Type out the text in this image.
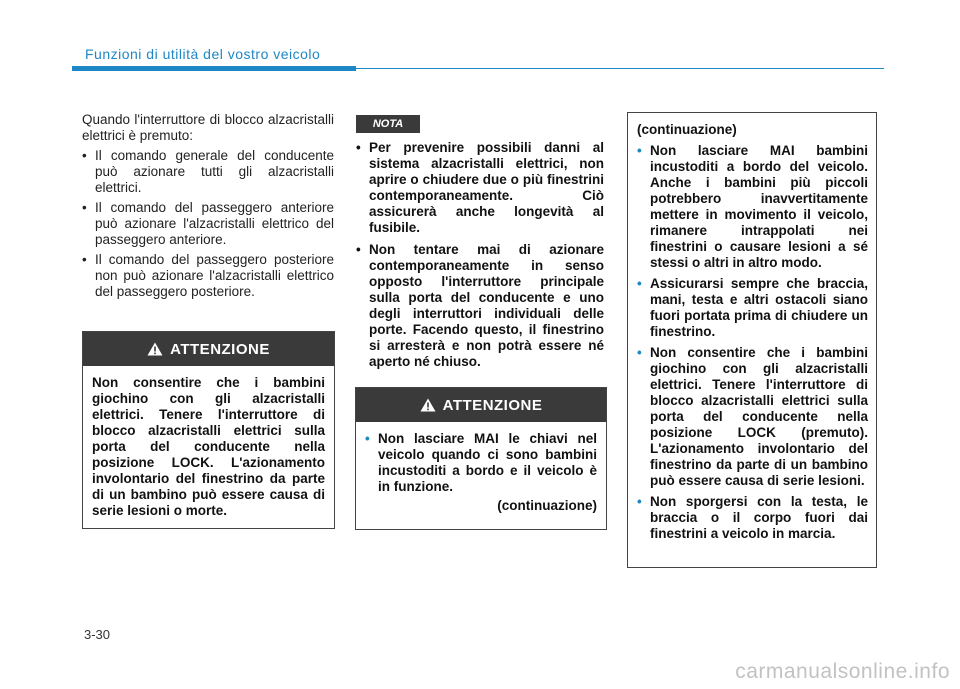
Funzioni di utilità del vostro veicolo

Quando l'interruttore di blocco alzacristalli elettrici è premuto:

• Il comando generale del conducente può azionare tutti gli alzacristalli elettrici.
• Il comando del passeggero anteriore può azionare l'alzacristalli elettrico del passeggero anteriore.
• Il comando del passeggero posteriore non può azionare l'alzacristalli elettrico del passeggero posteriore.
ATTENZIONE
Non consentire che i bambini giochino con gli alzacristalli elettrici. Tenere l'interruttore di blocco alzacristalli elettrici sulla porta del conducente nella posizione LOCK. L'azionamento involontario del finestrino da parte di un bambino può essere causa di serie lesioni o morte.
NOTA
• Per prevenire possibili danni al sistema alzacristalli elettrici, non aprire o chiudere due o più finestrini contemporaneamente. Ciò assicurerà anche longevità al fusibile.
• Non tentare mai di azionare contemporaneamente in senso opposto l'interruttore principale sulla porta del conducente e uno degli interruttori individuali delle porte. Facendo questo, il finestrino si arresterà e non potrà essere né aperto né chiuso.
ATTENZIONE
• Non lasciare MAI le chiavi nel veicolo quando ci sono bambini incustoditi a bordo e il veicolo è in funzione.
(continuazione)
(continuazione)
• Non lasciare MAI bambini incustoditi a bordo del veicolo. Anche i bambini più piccoli potrebbero inavvertitamente mettere in movimento il veicolo, rimanere intrappolati nei finestrini o causare lesioni a sé stessi o altri in altro modo.
• Assicurarsi sempre che braccia, mani, testa e altri ostacoli siano fuori portata prima di chiudere un finestrino.
• Non consentire che i bambini giochino con gli alzacristalli elettrici. Tenere l'interruttore di blocco alzacristalli elettrici sulla porta del conducente nella posizione LOCK (premuto). L'azionamento involontario del finestrino da parte di un bambino può essere causa di serie lesioni.
• Non sporgersi con la testa, le braccia o il corpo fuori dai finestrini a veicolo in marcia.
3-30
carmanualsonline.info
